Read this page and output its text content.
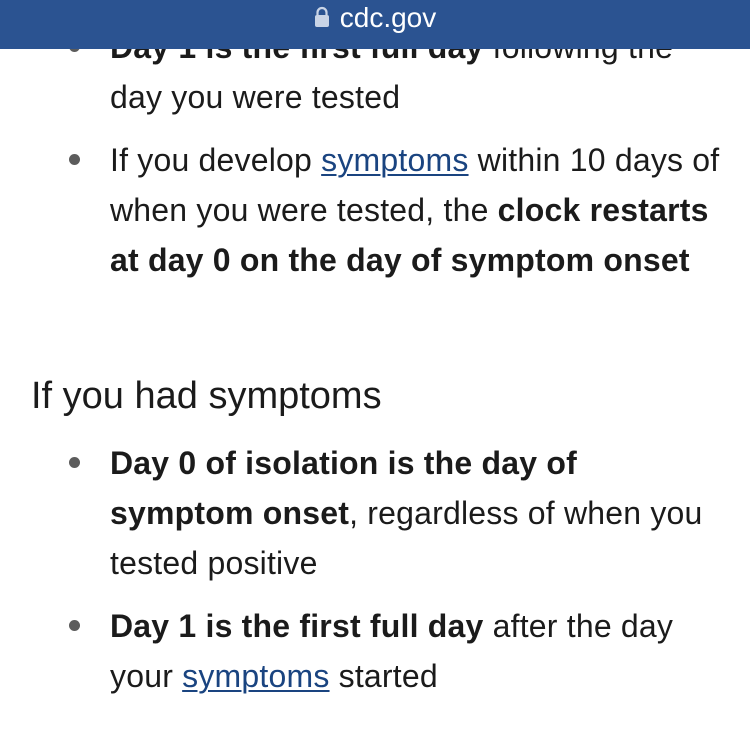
cdc.gov
day you were tested
If you develop symptoms within 10 days of when you were tested, the clock restarts at day 0 on the day of symptom onset
If you had symptoms
Day 0 of isolation is the day of symptom onset, regardless of when you tested positive
Day 1 is the first full day after the day your symptoms started
